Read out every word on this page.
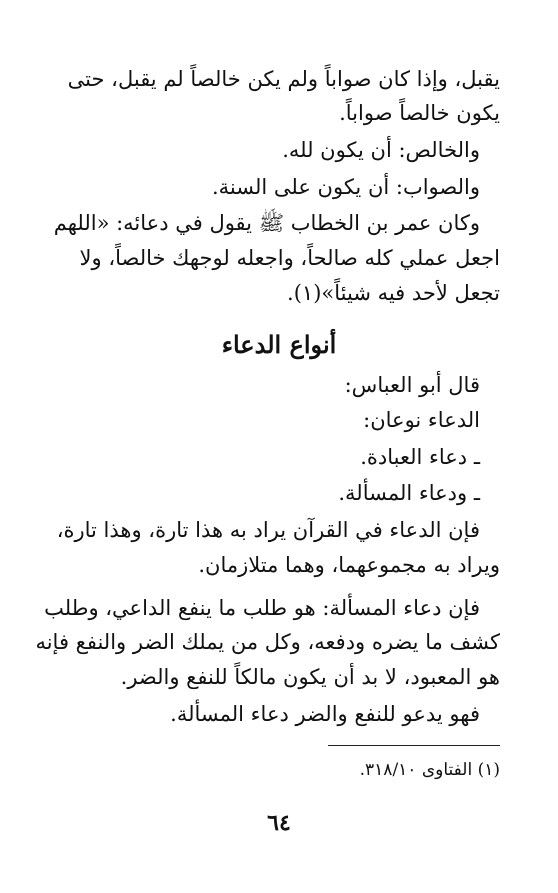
يقبل، وإذا كان صواباً ولم يكن خالصاً لم يقبل، حتى
يكون خالصاً صواباً.
والخالص: أن يكون لله.
والصواب: أن يكون على السنة.
وكان عمر بن الخطاب ﷺ يقول في دعائه: «اللهم
اجعل عملي كله صالحاً، واجعله لوجهك خالصاً، ولا
تجعل لأحد فيه شيئاً»(١).
أنواع الدعاء
قال أبو العباس:
الدعاء نوعان:
ـ دعاء العبادة.
ـ ودعاء المسألة.
فإن الدعاء في القرآن يراد به هذا تارة، وهذا تارة،
ويراد به مجموعهما، وهما متلازمان.
فإن دعاء المسألة: هو طلب ما ينفع الداعي، وطلب
كشف ما يضره ودفعه، وكل من يملك الضر والنفع فإنه
هو المعبود، لا بد أن يكون مالكاً للنفع والضر.
فهو يدعو للنفع والضر دعاء المسألة.
(١) الفتاوى ٣١٨/١٠.
٦٤
